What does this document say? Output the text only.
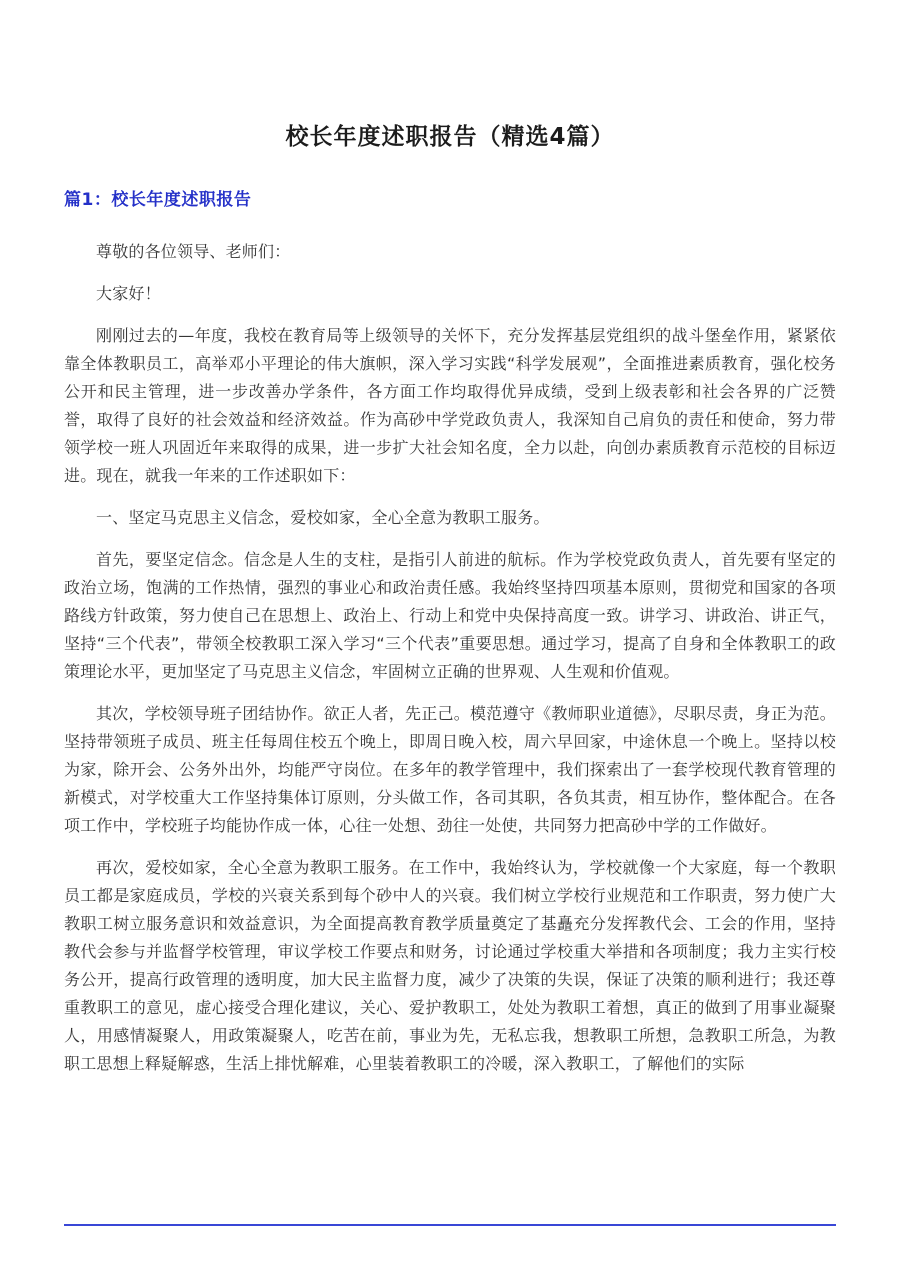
校长年度述职报告（精选4篇）
篇1：校长年度述职报告

尊敬的各位领导、老师们：

大家好！

刚刚过去的—年度，我校在教育局等上级领导的关怀下，充分发挥基层党组织的战斗堡垒作用，紧紧依靠全体教职员工，高举邓小平理论的伟大旗帜，深入学习实践“科学发展观”，全面推进素质教育，强化校务公开和民主管理，进一步改善办学条件，各方面工作均取得优异成绩，受到上级表彰和社会各界的广泛赞誉，取得了良好的社会效益和经济效益。作为高砂中学党政负责人，我深知自己肩负的责任和使命，努力带领学校一班人巩固近年来取得的成果，进一步扩大社会知名度，全力以赴，向创办素质教育示范校的目标迈进。现在，就我一年来的工作述职如下：

一、坚定马克思主义信念，爱校如家，全心全意为教职工服务。

首先，要坚定信念。信念是人生的支柱，是指引人前进的航标。作为学校党政负责人，首先要有坚定的政治立场，饱满的工作热情，强烈的事业心和政治责任感。我始终坚持四项基本原则，贯彻党和国家的各项路线方针政策，努力使自己在思想上、政治上、行动上和党中央保持高度一致。讲学习、讲政治、讲正气，坚持“三个代表”，带领全校教职工深入学习“三个代表”重要思想。通过学习，提高了自身和全体教职工的政策理论水平，更加坚定了马克思主义信念，牢固树立正确的世界观、人生观和价值观。

其次，学校领导班子团结协作。欲正人者，先正己。模范遵守《教师职业道德》，尽职尽责，身正为范。坚持带领班子成员、班主任每周住校五个晚上，即周日晚入校，周六早回家，中途休息一个晚上。坚持以校为家，除开会、公务外出外，均能严守岗位。在多年的教学管理中，我们探索出了一套学校现代教育管理的新模式，对学校重大工作坚持集体订原则，分头做工作，各司其职，各负其责，相互协作，整体配合。在各项工作中，学校班子均能协作成一体，心往一处想、劲往一处使，共同努力把高砂中学的工作做好。

再次，爱校如家，全心全意为教职工服务。在工作中，我始终认为，学校就像一个大家庭，每一个教职员工都是家庭成员，学校的兴衰关系到每个砂中人的兴衰。我们树立学校行业规范和工作职责，努力使广大教职工树立服务意识和效益意识，为全面提高教育教学质量奠定了基矗充分发挥教代会、工会的作用，坚持教代会参与并监督学校管理，审议学校工作要点和财务，讨论通过学校重大举措和各项制度；我力主实行校务公开，提高行政管理的透明度，加大民主监督力度，减少了决策的失误，保证了决策的顺利进行；我还尊重教职工的意见，虚心接受合理化建议，关心、爱护教职工，处处为教职工着想，真正的做到了用事业凝聚人，用感情凝聚人，用政策凝聚人，吃苦在前，事业为先，无私忘我，想教职工所想，急教职工所急，为教职工思想上释疑解惑，生活上排忧解难，心里装着教职工的冷暖，深入教职工，了解他们的实际
